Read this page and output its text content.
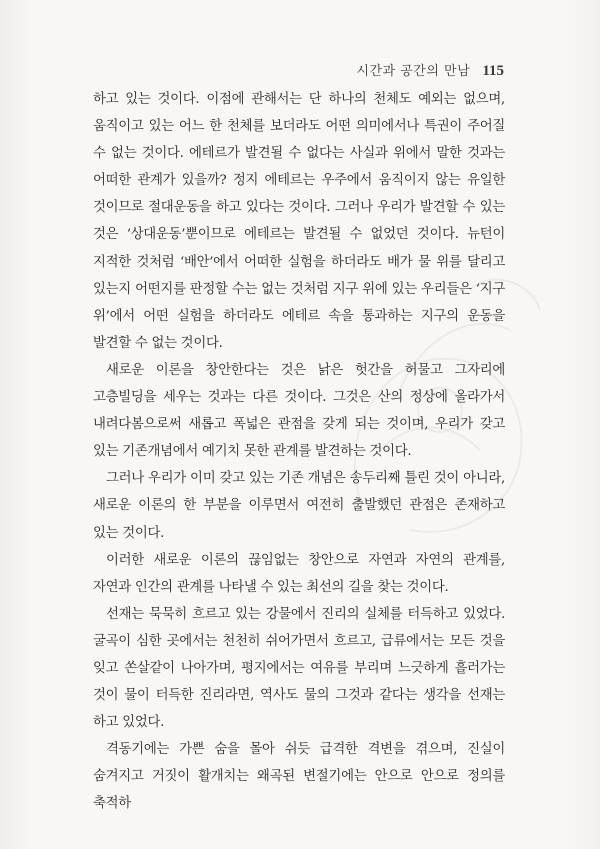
시간과 공간의 만남 115

하고 있는 것이다. 이점에 관해서는 단 하나의 천체도 예외는 없으며, 움직이고 있는 어느 한 천체를 보더라도 어떤 의미에서나 특권이 주어질 수 없는 것이다. 에테르가 발견될 수 없다는 사실과 위에서 말한 것과는 어떠한 관계가 있을까? 정지 에테르는 우주에서 움직이지 않는 유일한 것이므로 절대운동을 하고 있다는 것이다. 그러나 우리가 발견할 수 있는 것은 ‘상대운동’뿐이므로 에테르는 발견될 수 없었던 것이다. 뉴턴이 지적한 것처럼 ‘배안’에서 어떠한 실험을 하더라도 배가 물 위를 달리고 있는지 어떤지를 판정할 수는 없는 것처럼 지구 위에 있는 우리들은 ‘지구 위’에서 어떤 실험을 하더라도 에테르 속을 통과하는 지구의 운동을 발견할 수 없는 것이다.

새로운 이론을 창안한다는 것은 낡은 헛간을 허물고 그자리에 고층빌딩을 세우는 것과는 다른 것이다. 그것은 산의 정상에 올라가서 내려다봄으로써 새롭고 폭넓은 관점을 갖게 되는 것이며, 우리가 갖고 있는 기존개념에서 예기치 못한 관계를 발견하는 것이다.

그러나 우리가 이미 갖고 있는 기존 개념은 송두리째 틀린 것이 아니라, 새로운 이론의 한 부분을 이루면서 여전히 출발했던 관점은 존재하고 있는 것이다.

이러한 새로운 이론의 끊임없는 창안으로 자연과 자연의 관계를, 자연과 인간의 관계를 나타낼 수 있는 최선의 길을 찾는 것이다.

선재는 묵묵히 흐르고 있는 강물에서 진리의 실체를 터득하고 있었다. 굴곡이 심한 곳에서는 천천히 쉬어가면서 흐르고, 급류에서는 모든 것을 잊고 쏜살같이 나아가며, 평지에서는 여유를 부리며 느긋하게 흘러가는 것이 물이 터득한 진리라면, 역사도 물의 그것과 같다는 생각을 선재는 하고 있었다.

격동기에는 가쁜 숨을 몰아 쉬듯 급격한 격변을 겪으며, 진실이 숨겨지고 거짓이 활개치는 왜곡된 변절기에는 안으로 안으로 정의를 축적하
